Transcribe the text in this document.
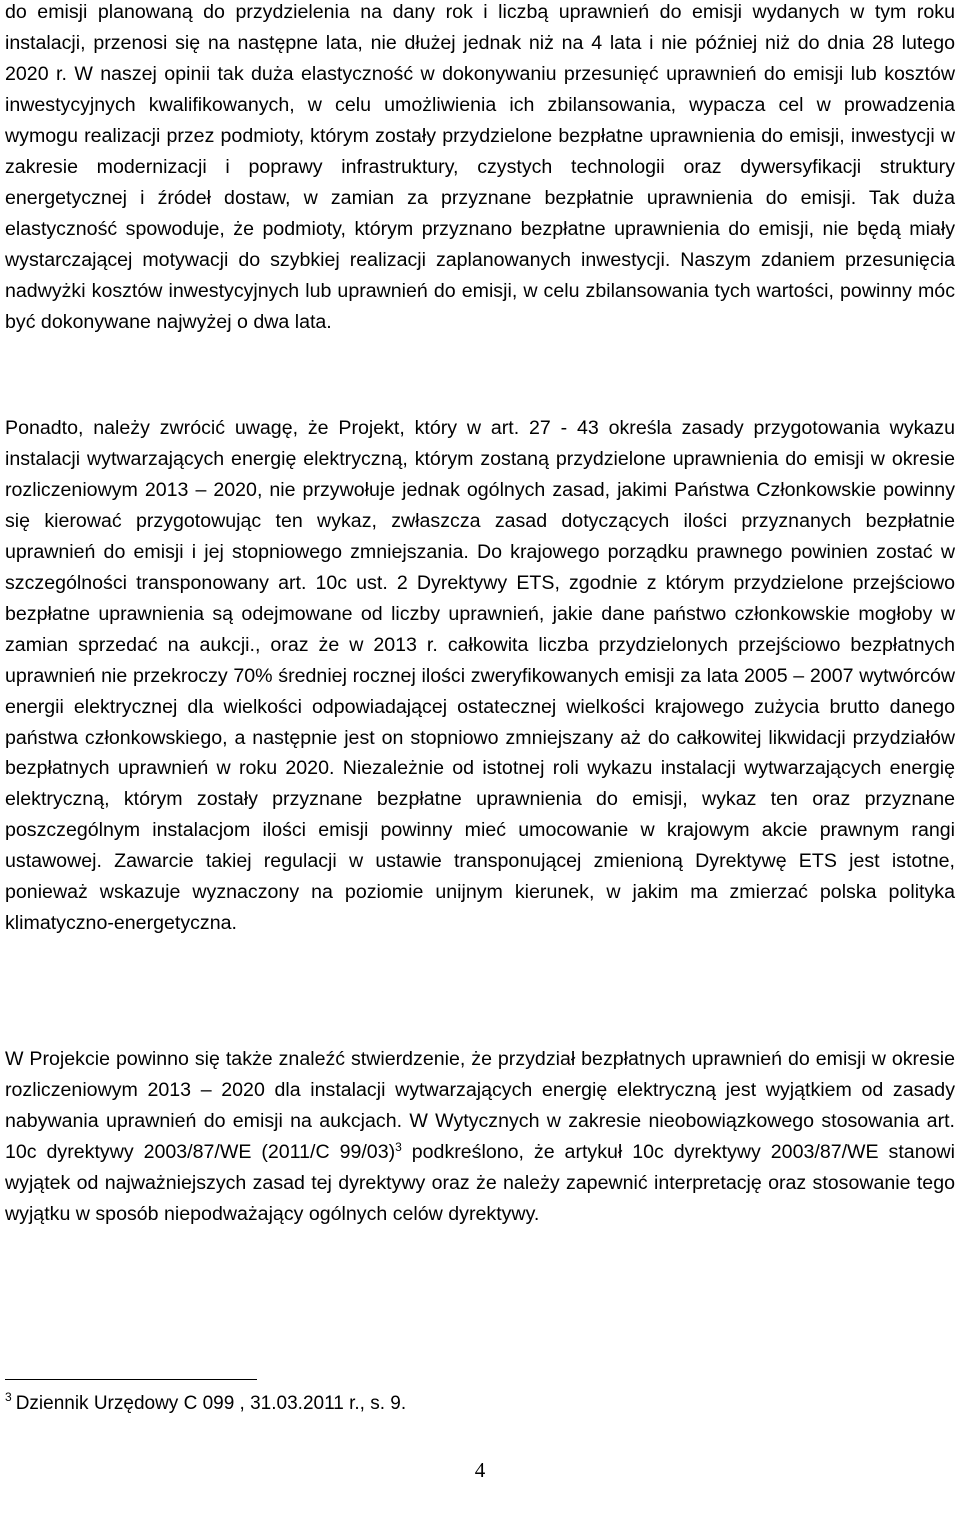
do emisji planowaną do przydzielenia na dany rok i liczbą uprawnień do emisji wydanych w tym roku instalacji, przenosi się na następne lata, nie dłużej jednak niż na 4 lata i nie później niż do dnia 28 lutego 2020 r. W naszej opinii tak duża elastyczność w dokonywaniu przesunięć uprawnień do emisji lub kosztów inwestycyjnych kwalifikowanych, w celu umożliwienia ich zbilansowania, wypacza cel w prowadzenia wymogu realizacji przez podmioty, którym zostały przydzielone bezpłatne uprawnienia do emisji, inwestycji w zakresie modernizacji i poprawy infrastruktury, czystych technologii oraz dywersyfikacji struktury energetycznej i źródeł dostaw, w zamian za przyznane bezpłatnie uprawnienia do emisji. Tak duża elastyczność spowoduje, że podmioty, którym przyznano bezpłatne uprawnienia do emisji, nie będą miały wystarczającej motywacji do szybkiej realizacji zaplanowanych inwestycji. Naszym zdaniem przesunięcia nadwyżki kosztów inwestycyjnych lub uprawnień do emisji, w celu zbilansowania tych wartości, powinny móc być dokonywane najwyżej o dwa lata.

Ponadto, należy zwrócić uwagę, że Projekt, który w art. 27 - 43 określa zasady przygotowania wykazu instalacji wytwarzających energię elektryczną, którym zostaną przydzielone uprawnienia do emisji w okresie rozliczeniowym 2013 – 2020, nie przywołuje jednak ogólnych zasad, jakimi Państwa Członkowskie powinny się kierować przygotowując ten wykaz, zwłaszcza zasad dotyczących ilości przyznanych bezpłatnie uprawnień do emisji i jej stopniowego zmniejszania. Do krajowego porządku prawnego powinien zostać w szczególności transponowany art. 10c ust. 2 Dyrektywy ETS, zgodnie z którym przydzielone przejściowo bezpłatne uprawnienia są odejmowane od liczby uprawnień, jakie dane państwo członkowskie mogłoby w zamian sprzedać na aukcji., oraz że w 2013 r. całkowita liczba przydzielonych przejściowo bezpłatnych uprawnień nie przekroczy 70% średniej rocznej ilości zweryfikowanych emisji za lata 2005 – 2007 wytwórców energii elektrycznej dla wielkości odpowiadającej ostatecznej wielkości krajowego zużycia brutto danego państwa członkowskiego, a następnie jest on stopniowo zmniejszany aż do całkowitej likwidacji przydziałów bezpłatnych uprawnień w roku 2020. Niezależnie od istotnej roli wykazu instalacji wytwarzających energię elektryczną, którym zostały przyznane bezpłatne uprawnienia do emisji, wykaz ten oraz przyznane poszczególnym instalacjom ilości emisji powinny mieć umocowanie w krajowym akcie prawnym rangi ustawowej. Zawarcie takiej regulacji w ustawie transponującej zmienioną Dyrektywę ETS jest istotne, ponieważ wskazuje wyznaczony na poziomie unijnym kierunek, w jakim ma zmierzać polska polityka klimatyczno-energetyczna.

W Projekcie powinno się także znaleźć stwierdzenie, że przydział bezpłatnych uprawnień do emisji w okresie rozliczeniowym 2013 – 2020 dla instalacji wytwarzających energię elektryczną jest wyjątkiem od zasady nabywania uprawnień do emisji na aukcjach. W Wytycznych w zakresie nieobowiązkowego stosowania art. 10c dyrektywy 2003/87/WE (2011/C 99/03)$^3$ podkreślono, że artykuł 10c dyrektywy 2003/87/WE stanowi wyjątek od najważniejszych zasad tej dyrektywy oraz że należy zapewnić interpretację oraz stosowanie tego wyjątku w sposób niepodważający ogólnych celów dyrektywy.

$^3$ Dziennik Urzędowy C 099 , 31.03.2011 r., s. 9.
4
